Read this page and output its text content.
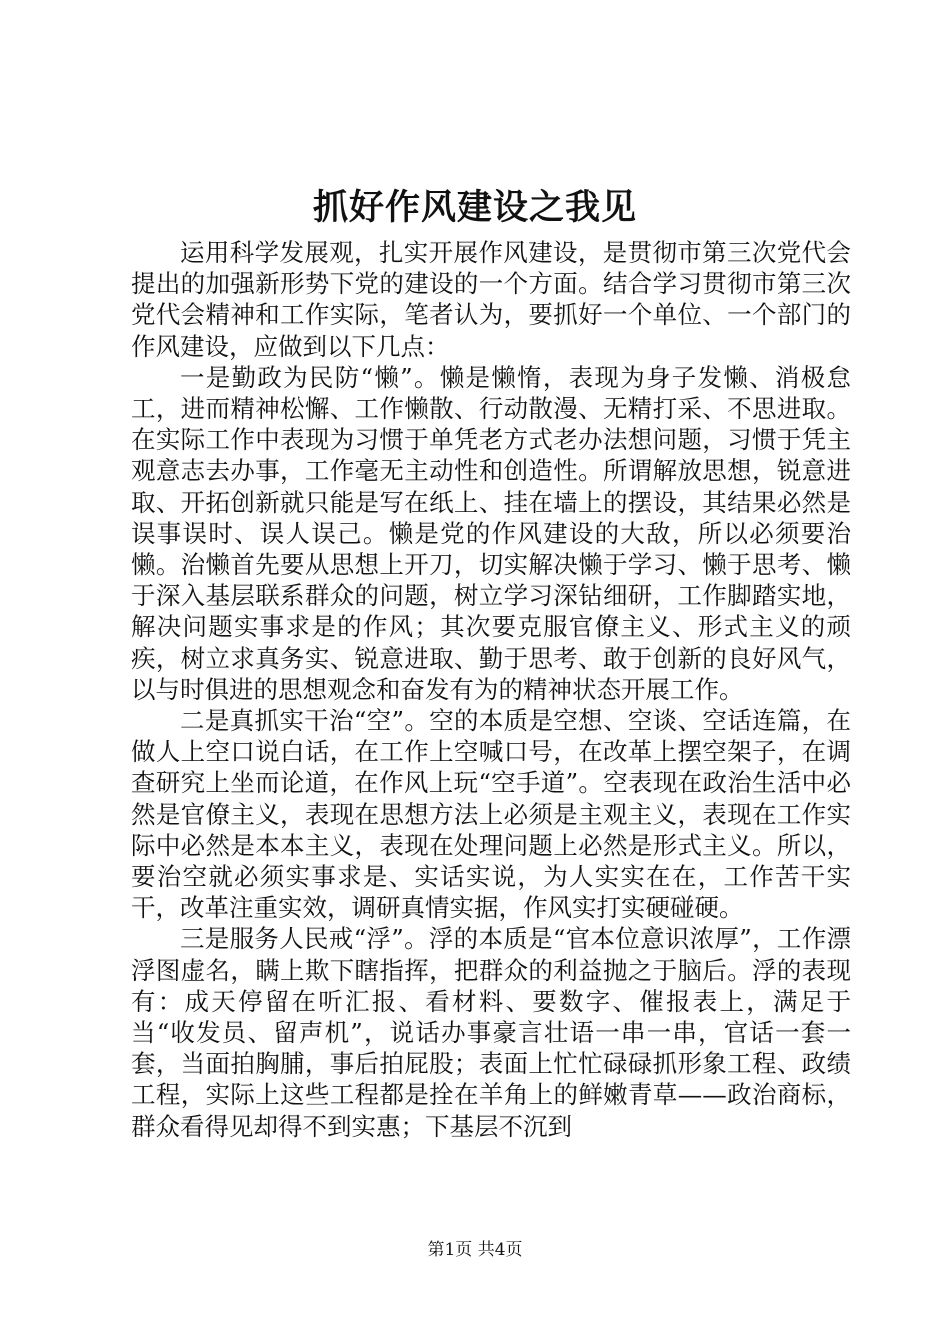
抓好作风建设之我见

运用科学发展观，扎实开展作风建设，是贯彻市第三次党代会提出的加强新形势下党的建设的一个方面。结合学习贯彻市第三次党代会精神和工作实际，笔者认为，要抓好一个单位、一个部门的作风建设，应做到以下几点：

一是勤政为民防“懒”。懒是懒惰，表现为身子发懒、消极怠工，进而精神松懈、工作懒散、行动散漫、无精打采、不思进取。在实际工作中表现为习惯于单凭老方式老办法想问题，习惯于凭主观意志去办事，工作毫无主动性和创造性。所谓解放思想，锐意进取、开拓创新就只能是写在纸上、挂在墙上的摆设，其结果必然是误事误时、误人误己。懒是党的作风建设的大敌，所以必须要治懒。治懒首先要从思想上开刀，切实解决懒于学习、懒于思考、懒于深入基层联系群众的问题，树立学习深钻细研，工作脚踏实地，解决问题实事求是的作风；其次要克服官僚主义、形式主义的顽疾，树立求真务实、锐意进取、勤于思考、敢于创新的良好风气，以与时俱进的思想观念和奋发有为的精神状态开展工作。

二是真抓实干治“空”。空的本质是空想、空谈、空话连篇，在做人上空口说白话，在工作上空喊口号，在改革上摆空架子，在调查研究上坐而论道，在作风上玩“空手道”。空表现在政治生活中必然是官僚主义，表现在思想方法上必须是主观主义，表现在工作实际中必然是本本主义，表现在处理问题上必然是形式主义。所以，要治空就必须实事求是、实话实说，为人实实在在，工作苦干实干，改革注重实效，调研真情实据，作风实打实硬碰硬。

三是服务人民戒“浮”。浮的本质是“官本位意识浓厚”，工作漂浮图虚名，瞒上欺下瞎指挥，把群众的利益抛之于脑后。浮的表现有：成天停留在听汇报、看材料、要数字、催报表上，满足于当“收发员、留声机”，说话办事豪言壮语一串一串，官话一套一套，当面拍胸脯，事后拍屁股；表面上忙忙碌碌抓形象工程、政绩工程，实际上这些工程都是拴在羊角上的鲜嫩青草——政治商标，群众看得见却得不到实惠；下基层不沉到

第1页 共4页
